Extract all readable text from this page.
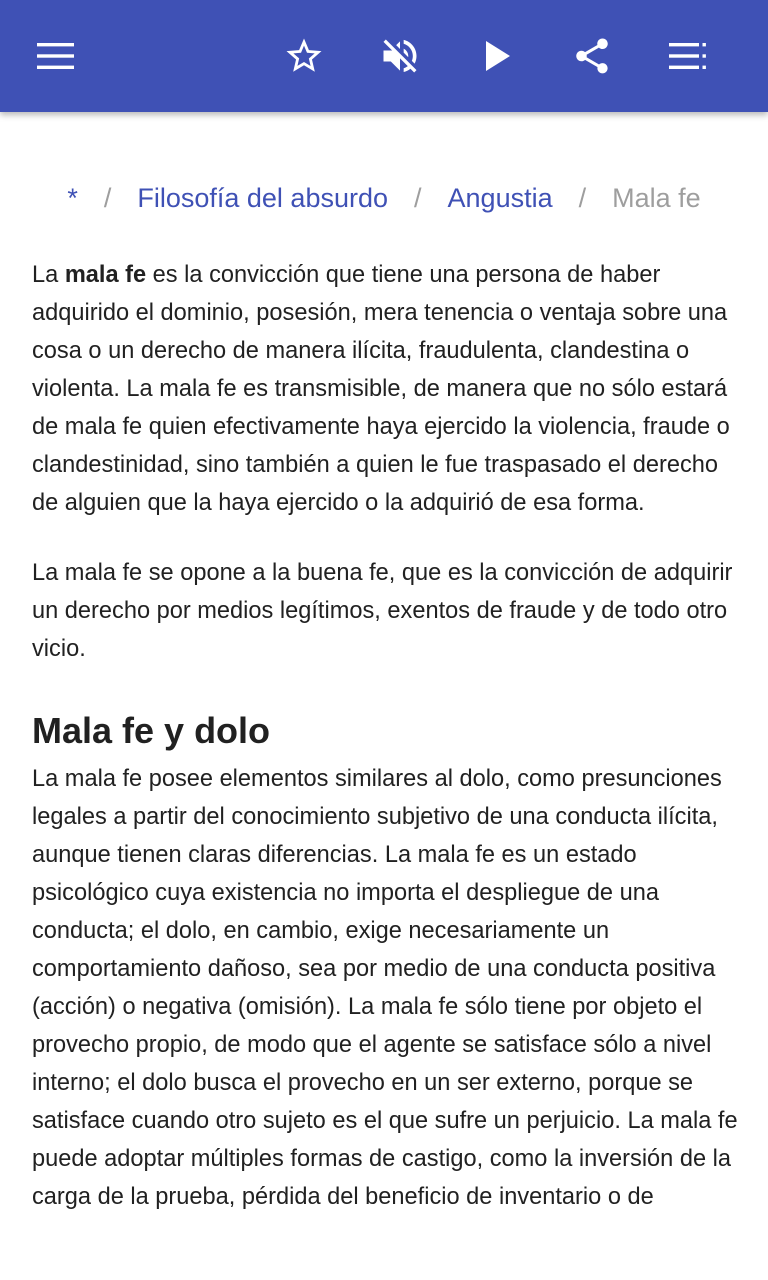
* / Filosofía del absurdo / Angustia / Mala fe

La mala fe es la convicción que tiene una persona de haber adquirido el dominio, posesión, mera tenencia o ventaja sobre una cosa o un derecho de manera ilícita, fraudulenta, clandestina o violenta. La mala fe es transmisible, de manera que no sólo estará de mala fe quien efectivamente haya ejercido la violencia, fraude o clandestinidad, sino también a quien le fue traspasado el derecho de alguien que la haya ejercido o la adquirió de esa forma.

La mala fe se opone a la buena fe, que es la convicción de adquirir un derecho por medios legítimos, exentos de fraude y de todo otro vicio.

Mala fe y dolo

La mala fe posee elementos similares al dolo, como presunciones legales a partir del conocimiento subjetivo de una conducta ilícita, aunque tienen claras diferencias. La mala fe es un estado psicológico cuya existencia no importa el despliegue de una conducta; el dolo, en cambio, exige necesariamente un comportamiento dañoso, sea por medio de una conducta positiva (acción) o negativa (omisión). La mala fe sólo tiene por objeto el provecho propio, de modo que el agente se satisface sólo a nivel interno; el dolo busca el provecho en un ser externo, porque se satisface cuando otro sujeto es el que sufre un perjuicio. La mala fe puede adoptar múltiples formas de castigo, como la inversión de la carga de la prueba, pérdida del beneficio de inventario o de
